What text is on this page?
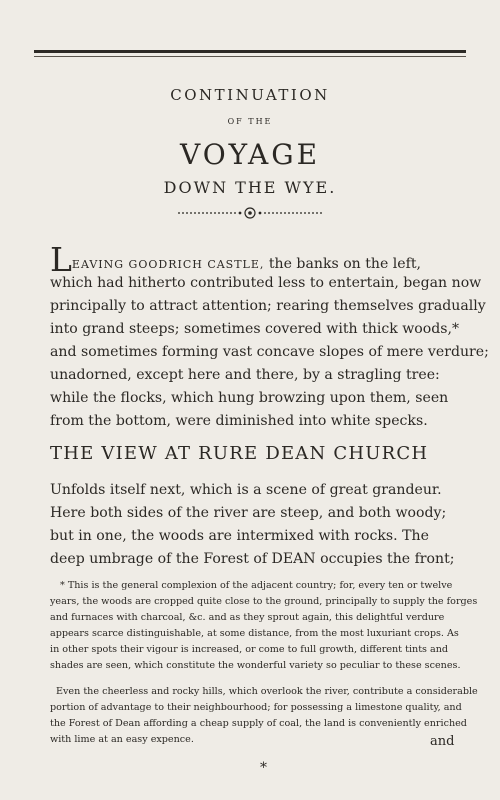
CONTINUATION
OF THE
VOYAGE
DOWN THE WYE.
LEAVING GOODRICH CASTLE, the banks on the left,
which had hitherto contributed less to entertain, began now
principally to attract attention; rearing themselves gradually
into grand steeps; sometimes covered with thick woods,*
and sometimes forming vast concave slopes of mere verdure;
unadorned, except here and there, by a stragling tree:
while the flocks, which hung browzing upon them, seen
from the bottom, were diminished into white specks.
THE VIEW AT RURE DEAN CHURCH
Unfolds itself next, which is a scene of great grandeur.
Here both sides of the river are steep, and both woody;
but in one, the woods are intermixed with rocks. The
deep umbrage of the Forest of DEAN occupies the front;
* This is the general complexion of the adjacent country; for, every ten or twelve
years, the woods are cropped quite close to the ground, principally to supply the forges
and furnaces with charcoal, &c. and as they sprout again, this delightful verdure
appears scarce distinguishable, at some distance, from the most luxuriant crops. As
in other spots their vigour is increased, or come to full growth, different tints and
shades are seen, which constitute the wonderful variety so peculiar to these scenes.
Even the cheerless and rocky hills, which overlook the river, contribute a considerable
portion of advantage to their neighbourhood; for possessing a limestone quality, and
the Forest of Dean affording a cheap supply of coal, the land is conveniently enriched
with lime at an easy expence.	and
*
